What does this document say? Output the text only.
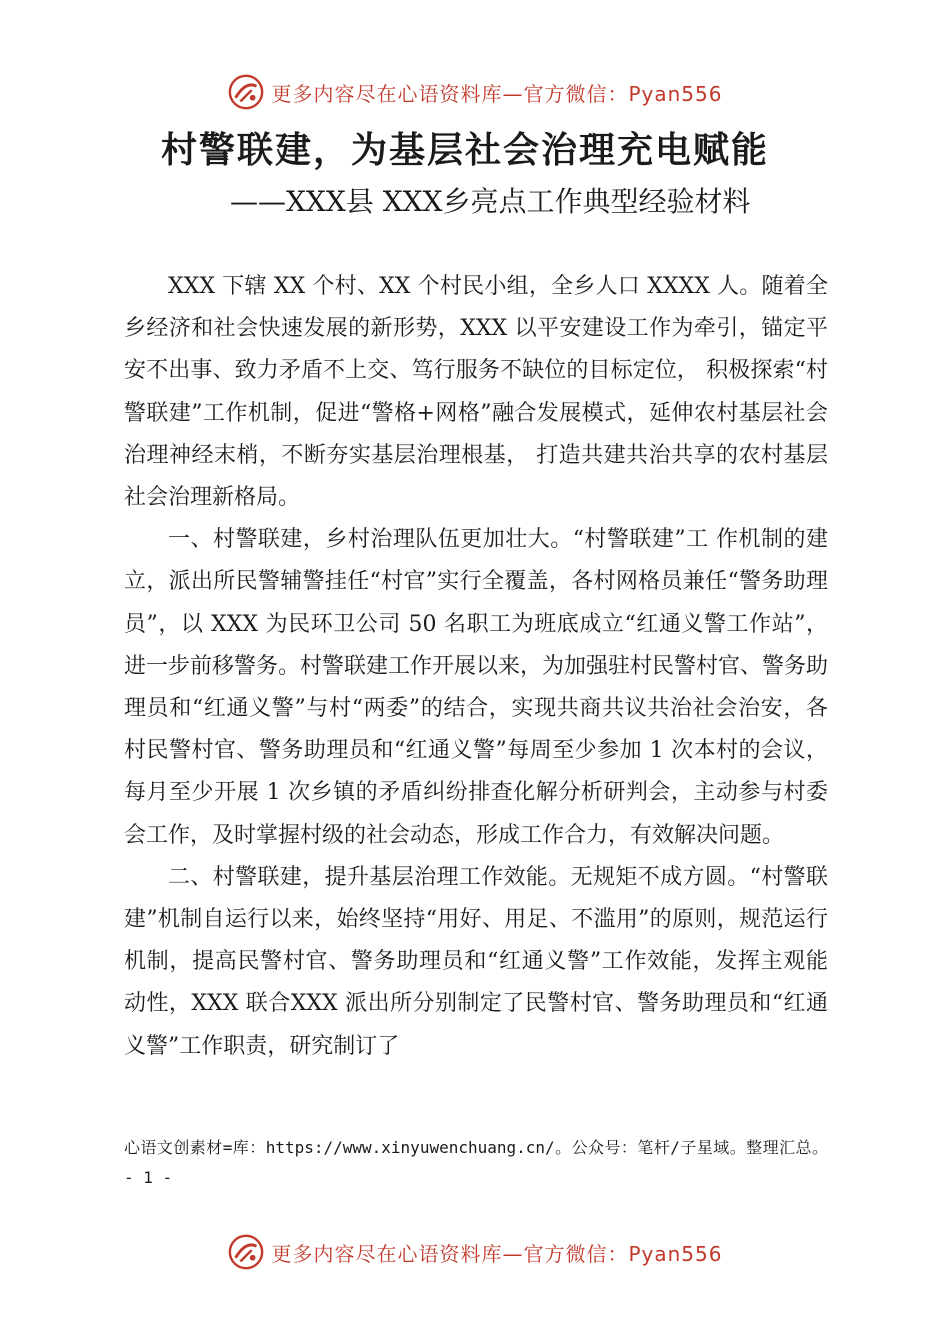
更多内容尽在心语资料库—官方微信：Pyan556
村警联建，为基层社会治理充电赋能
——XXX县 XXX乡亮点工作典型经验材料

XXX 下辖 XX 个村、XX 个村民小组，全乡人口 XXXX 人。随着全乡经济和社会快速发展的新形势，XXX 以平安建设工作为牵引，锚定平安不出事、致力矛盾不上交、笃行服务不缺位的目标定位， 积极探索“村警联建”工作机制，促进“警格+网格”融合发展模式，延伸农村基层社会治理神经末梢，不断夯实基层治理根基， 打造共建共治共享的农村基层社会治理新格局。

一、村警联建，乡村治理队伍更加壮大。“村警联建”工 作机制的建立，派出所民警辅警挂任“村官”实行全覆盖，各村网格员兼任“警务助理员”，以 XXX 为民环卫公司 50 名职工为班底成立“红通义警工作站”，进一步前移警务。村警联建工作开展以来，为加强驻村民警村官、警务助理员和“红通义警”与村“两委”的结合，实现共商共议共治社会治安，各村民警村官、警务助理员和“红通义警”每周至少参加 1 次本村的会议，每月至少开展 1 次乡镇的矛盾纠纷排查化解分析研判会，主动参与村委会工作，及时掌握村级的社会动态，形成工作合力，有效解决问题。

二、村警联建，提升基层治理工作效能。无规矩不成方圆。“村警联建”机制自运行以来，始终坚持“用好、用足、不滥用”的原则，规范运行机制，提高民警村官、警务助理员和“红通义警”工作效能，发挥主观能动性，XXX 联合XXX 派出所分别制定了民警村官、警务助理员和“红通义警”工作职责，研究制订了

心语文创素材=库：https://www.xinyuwenchuang.cn/。公众号：笔杆/子星域。整理汇总。 - 1 -
更多内容尽在心语资料库—官方微信：Pyan556
